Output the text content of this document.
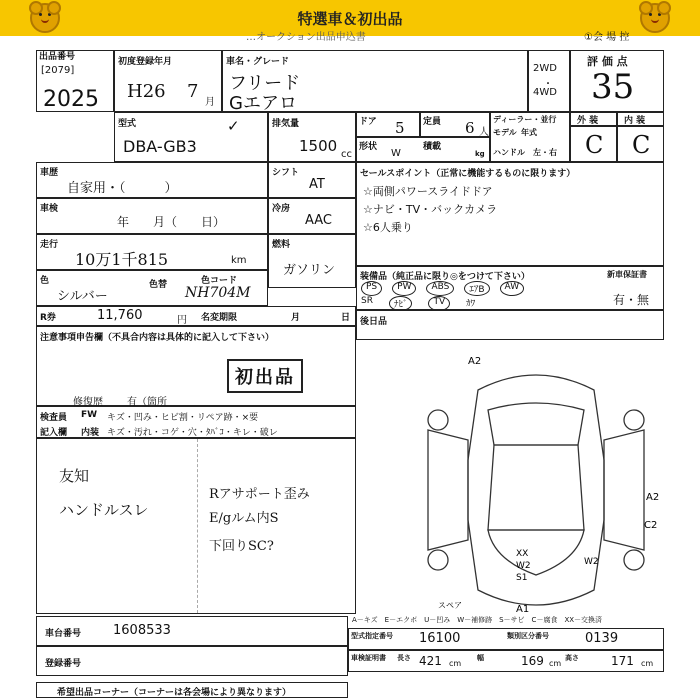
特選車＆初出品
…オークション出品申込書	①会 場 控
出品番号
[2079]
2025
初度登録年月
H26 7
月
車名・グレード
フリード
Gエアロ
2WD
・
4WD
評 価 点
35
型式
DBA-GB3
✓	排気量
1500 cc
ドア 5 定員 6 人
ディーラー・並行
モデル 年式
ハンドル 左・右
形状
W
積載
kg
外 装	内 装
C C
車歴
自家用・（　　　）
シフト
AT
車検
年　　月（　　日）
冷房
AAC
走行
10万1千815	km
燃料
ガソリン
色
シルバー
色替	色コード
NH704M
R券	11,760	円 名変期限	月	日
セールスポイント（正常に機能するものに限ります）
☆両側パワースライドドア
☆ナビ・TV・バックカメラ
☆6人乗り
装備品（純正品に限り◎をつけて下さい）	新車保証書
有・無
PS	PW	ABS	ｴｱB	AW
SR	ﾅﾋﾞ	TV	ｶﾜ
後日品
注意事項申告欄（不具合内容は具体的に記入して下さい）
初出品
修復歴 有（箇所
検査員 FW キズ・凹み・ヒビ割・リペア跡・×要
記入欄 内装 キズ・汚れ・コゲ・穴・ﾀﾊﾞｺ・キレ・破レ
友知
ハンドルスレ
Rアサポート歪み
E/gルム内S
下回りSC?
A2
A2
C2
XX
W2
S1
W2
A1
スペア
A－キズ　E－エクボ　U－凹み　W－補修跡　S－サビ　C－腐食　XX－交換済
車台番号 1608533
登録番号
型式指定番号 16100	類別区分番号	0139
車検証明書 長さ 421 cm
幅	169 cm
高さ	171 cm
希望出品コーナー（コーナーは各会場により異なります）
